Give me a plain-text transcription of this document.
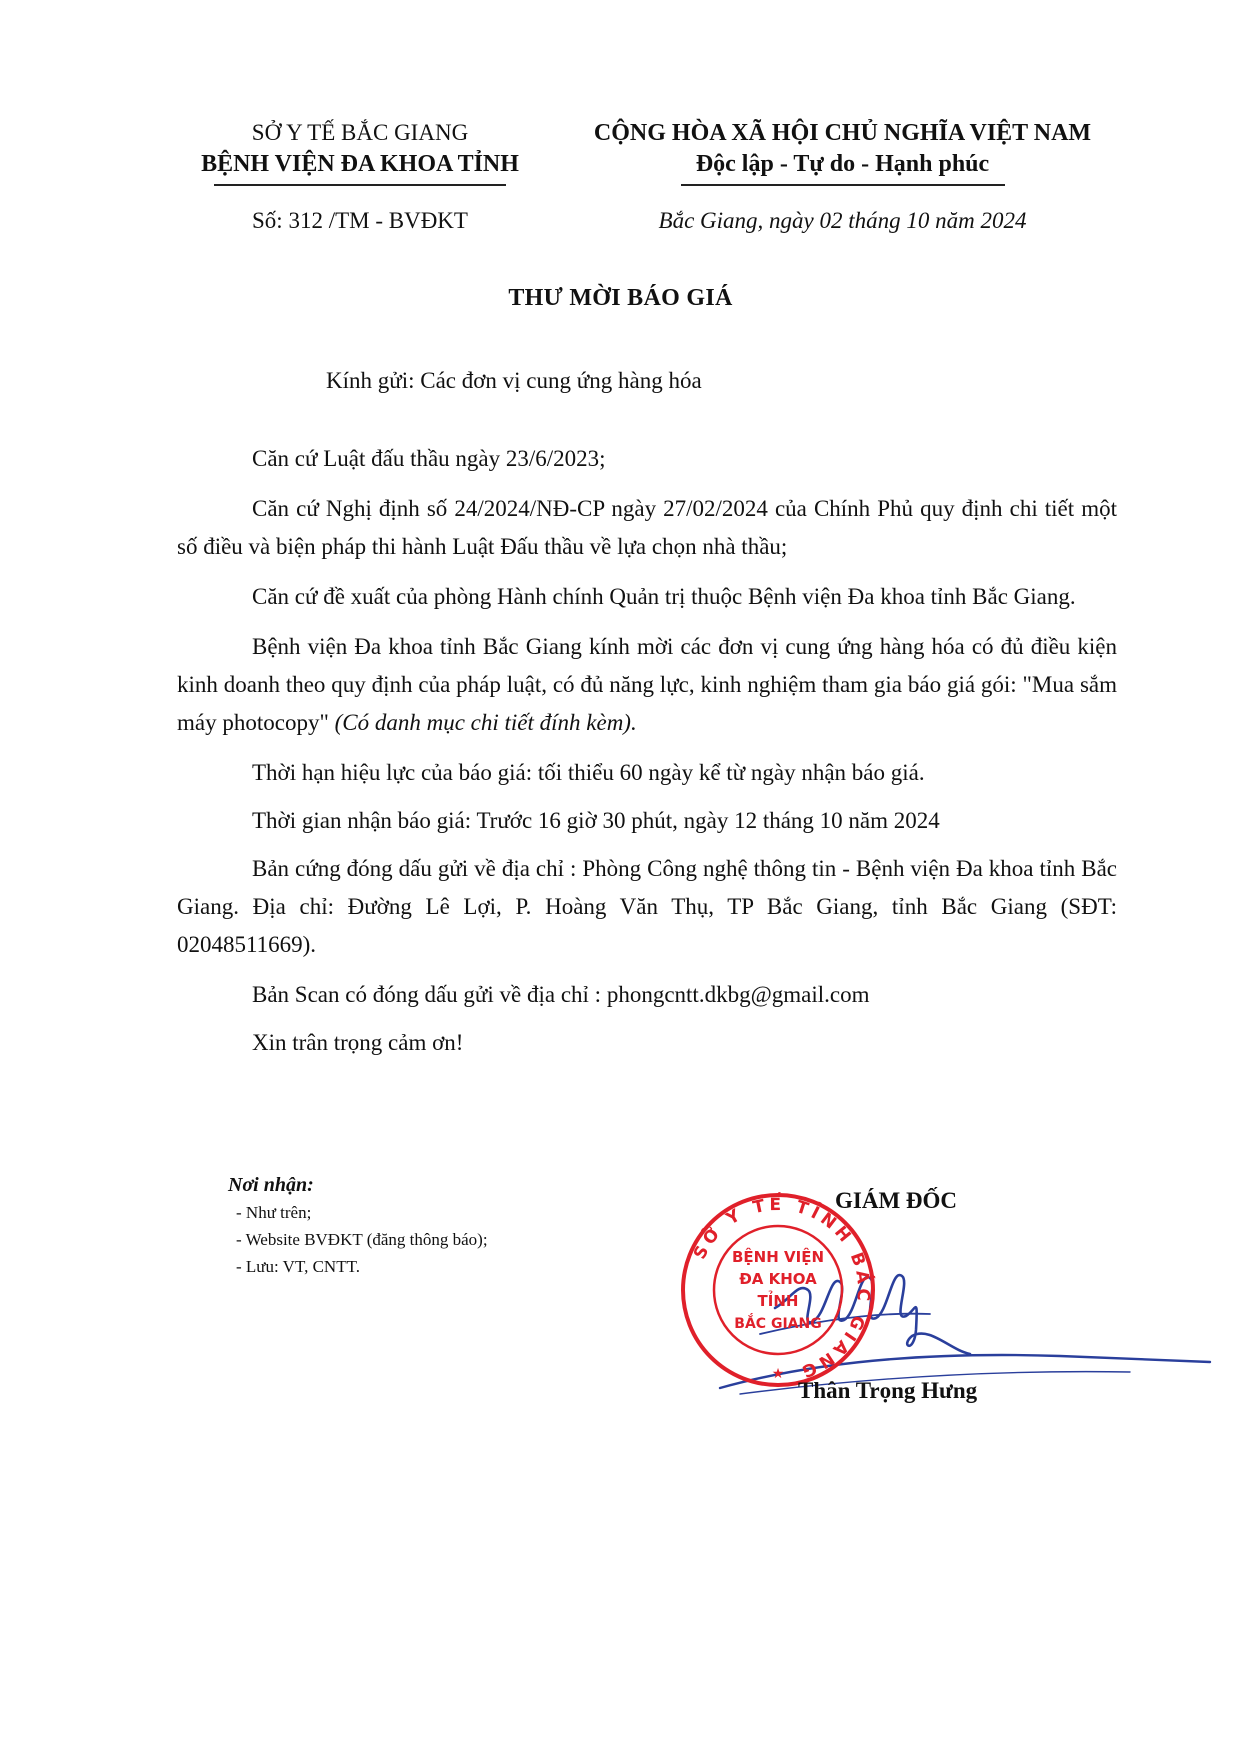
SỞ Y TẾ BẮC GIANG
BỆNH VIỆN ĐA KHOA TỈNH
Số: 312 /TM - BVĐKT
CỘNG HÒA XÃ HỘI CHỦ NGHĨA VIỆT NAM
Độc lập - Tự do - Hạnh phúc
Bắc Giang, ngày 02 tháng 10 năm 2024
THƯ MỜI BÁO GIÁ
Kính gửi: Các đơn vị cung ứng hàng hóa

Căn cứ Luật đấu thầu ngày 23/6/2023;

Căn cứ Nghị định số 24/2024/NĐ-CP ngày 27/02/2024 của Chính Phủ quy định chi tiết một số điều và biện pháp thi hành Luật Đấu thầu về lựa chọn nhà thầu;

Căn cứ đề xuất của phòng Hành chính Quản trị thuộc Bệnh viện Đa khoa tỉnh Bắc Giang.

Bệnh viện Đa khoa tỉnh Bắc Giang kính mời các đơn vị cung ứng hàng hóa có đủ điều kiện kinh doanh theo quy định của pháp luật, có đủ năng lực, kinh nghiệm tham gia báo giá gói: "Mua sắm máy photocopy" (Có danh mục chi tiết đính kèm).

Thời hạn hiệu lực của báo giá: tối thiểu 60 ngày kể từ ngày nhận báo giá.

Thời gian nhận báo giá: Trước 16 giờ 30 phút, ngày 12 tháng 10 năm 2024

Bản cứng đóng dấu gửi về địa chỉ : Phòng Công nghệ thông tin - Bệnh viện Đa khoa tỉnh Bắc Giang. Địa chỉ: Đường Lê Lợi, P. Hoàng Văn Thụ, TP Bắc Giang, tỉnh Bắc Giang (SĐT: 02048511669).

Bản Scan có đóng dấu gửi về địa chỉ : phongcntt.dkbg@gmail.com

Xin trân trọng cảm ơn!

Nơi nhận:
- Như trên;
- Website BVĐKT (đăng thông báo);
- Lưu: VT, CNTT.
GIÁM ĐỐC
SỞ Y TẾ TỈNH BẮC GIANG
BỆNH VIỆN
ĐA KHOA
TỈNH
BẮC GIANG
★
Thân Trọng Hưng
